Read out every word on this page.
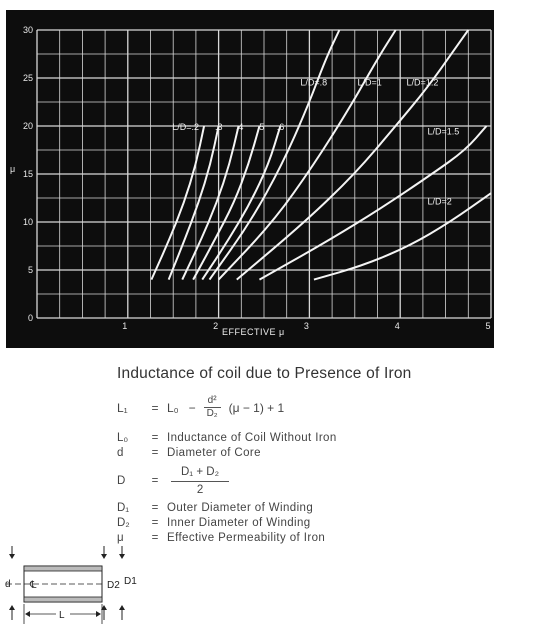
0
5
10
15
20
25
30
1	2	3	4	5
L/D=.2 .3 .4 .5 .6
L/D=.8	L/D=1	L/D=1.2
L/D=1.5
L/D=2
EFFECTIVE μ
μ
Inductance of coil due to Presence of Iron
L₁	= $L_0 - \frac{\text{d²}}{\text{D₂}} (\mu - 1) + 1$
L₀	= Inductance of Coil Without Iron
d	= Diameter of Core
D	=	$\frac{\text{D₁ + D₂}}{2}$
D₁	= Outer Diameter of Winding
D₂	= Inner Diameter of Winding
μ	= Effective Permeability of Iron
d ℄	D2 D1
L
